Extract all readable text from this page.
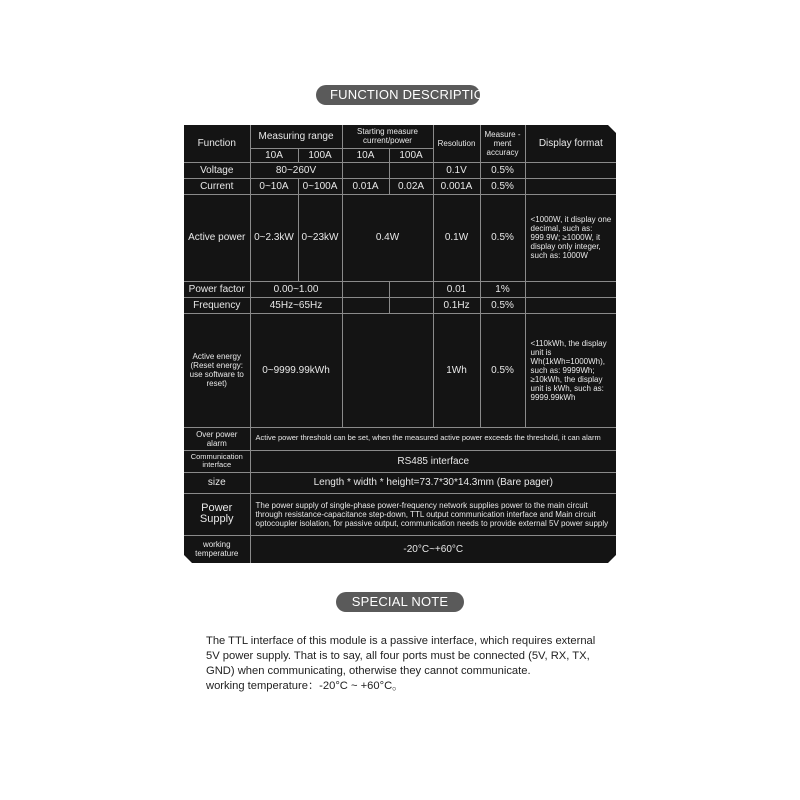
FUNCTION DESCRIPTION
Function	Measuring range		Starting measure current/power		Resolution	Measure -ment accuracy	Display format
	10A	100A	10A	100A			
Voltage	80~260V				0.1V	0.5%	
Current	0~10A	0~100A	0.01A	0.02A	0.001A	0.5%	
Active power	0~2.3kW	0~23kW	0.4W		0.1W	0.5%	<1000W, it display one decimal, such as: 999.9W; ≥1000W, it display only integer, such as: 1000W
Power factor	0.00~1.00				0.01	1%	
Frequency	45Hz~65Hz				0.1Hz	0.5%	
Active energy (Reset energy: use software to reset)	0~9999.99kWh				1Wh	0.5%	<110kWh, the display unit is Wh(1kWh=1000Wh), such as: 9999Wh; ≥10kWh, the display unit is kWh, such as: 9999.99kWh
Over power alarm	Active power threshold can be set, when the measured active power exceeds the threshold, it can alarm						
Communication interface	RS485 interface						
size	Length * width * height=73.7*30*14.3mm (Bare pager)						
Power Supply	The power supply of single-phase power-frequency network supplies power to the main circuit through resistance-capacitance step-down, TTL output communication interface and Main circuit optocoupler isolation, for passive output, communication needs to provide external 5V power supply						
working temperature	-20°C~+60°C						
SPECIAL NOTE

The TTL interface of this module is a passive interface, which requires external

5V power supply. That is to say, all four ports must be connected (5V, RX, TX,

GND) when communicating, otherwise they cannot communicate.

working temperature：-20°C ~ +60°C。
